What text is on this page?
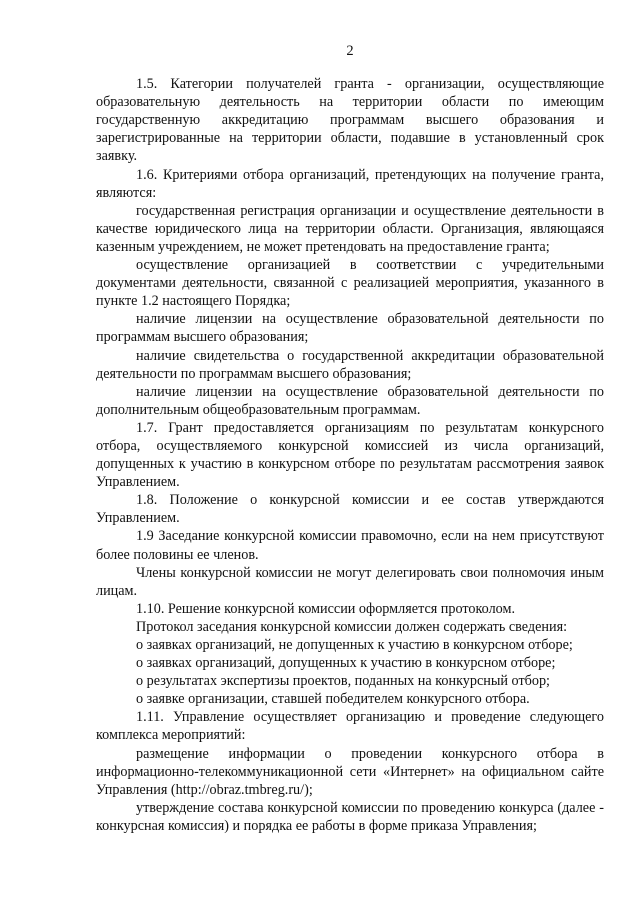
2

1.5. Категории получателей гранта - организации, осуществляющие образовательную деятельность на территории области по имеющим государственную аккредитацию программам высшего образования и зарегистрированные на территории области, подавшие в установленный срок заявку.

1.6. Критериями отбора организаций, претендующих на получение гранта, являются:

государственная регистрация организации и осуществление деятельности в качестве юридического лица на территории области. Организация, являющаяся казенным учреждением, не может претендовать на предоставление гранта;

осуществление организацией в соответствии с учредительными документами деятельности, связанной с реализацией мероприятия, указанного в пункте 1.2 настоящего Порядка;

наличие лицензии на осуществление образовательной деятельности по программам высшего образования;

наличие свидетельства о государственной аккредитации образовательной деятельности по программам высшего образования;

наличие лицензии на осуществление образовательной деятельности по дополнительным общеобразовательным программам.

1.7. Грант предоставляется организациям по результатам конкурсного отбора, осуществляемого конкурсной комиссией из числа организаций, допущенных к участию в конкурсном отборе по результатам рассмотрения заявок Управлением.

1.8. Положение о конкурсной комиссии и ее состав утверждаются Управлением.

1.9 Заседание конкурсной комиссии правомочно, если на нем присутствуют более половины ее членов.

Члены конкурсной комиссии не могут делегировать свои полномочия иным лицам.

1.10. Решение конкурсной комиссии оформляется протоколом.

Протокол заседания конкурсной комиссии должен содержать сведения:

о заявках организаций, не допущенных к участию в конкурсном отборе;

о заявках организаций, допущенных к участию в конкурсном отборе;

о результатах экспертизы проектов, поданных на конкурсный отбор;

о заявке организации, ставшей победителем конкурсного отбора.

1.11. Управление осуществляет организацию и проведение следующего комплекса мероприятий:

размещение информации о проведении конкурсного отбора в информационно-телекоммуникационной сети «Интернет» на официальном сайте Управления (http://obraz.tmbreg.ru/);

утверждение состава конкурсной комиссии по проведению конкурса (далее - конкурсная комиссия) и порядка ее работы в форме приказа Управления;
